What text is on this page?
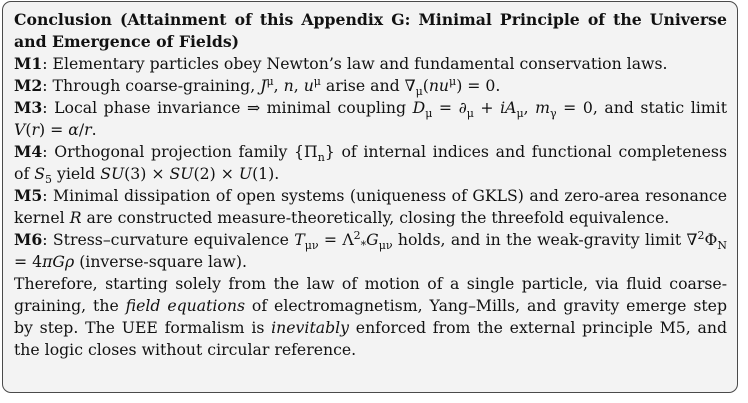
Conclusion (Attainment of this Appendix G: Minimal Principle of the Universe and Emergence of Fields)

M1: Elementary particles obey Newton’s law and fundamental conservation laws.

M2: Through coarse-graining, $J^\mu$, n, $u^\mu$ arise and $\nabla_\mu(nu^\mu) = 0$.

M3: Local phase invariance ⇒ minimal coupling $D_\mu = \partial_\mu + iA_\mu$, $m_\gamma = 0$, and static limit V(r) = α/r.

M4: Orthogonal projection family $\{\Pi_n\}$ of internal indices and functional completeness of $S_5$ yield SU(3) × SU(2) × U(1).

M5: Minimal dissipation of open systems (uniqueness of GKLS) and zero-area resonance kernel R are constructed measure-theoretically, closing the threefold equivalence.

M6: Stress–curvature equivalence $T_{\mu\nu} = \Lambda^2_*G_{\mu\nu}$ holds, and in the weak-gravity limit $\nabla^2\Phi_N = 4\pi G\rho$ (inverse-square law).

Therefore, starting solely from the law of motion of a single particle, via fluid coarse-graining, the field equations of electromagnetism, Yang–Mills, and gravity emerge step by step. The UEE formalism is inevitably enforced from the external principle M5, and the logic closes without circular reference.
